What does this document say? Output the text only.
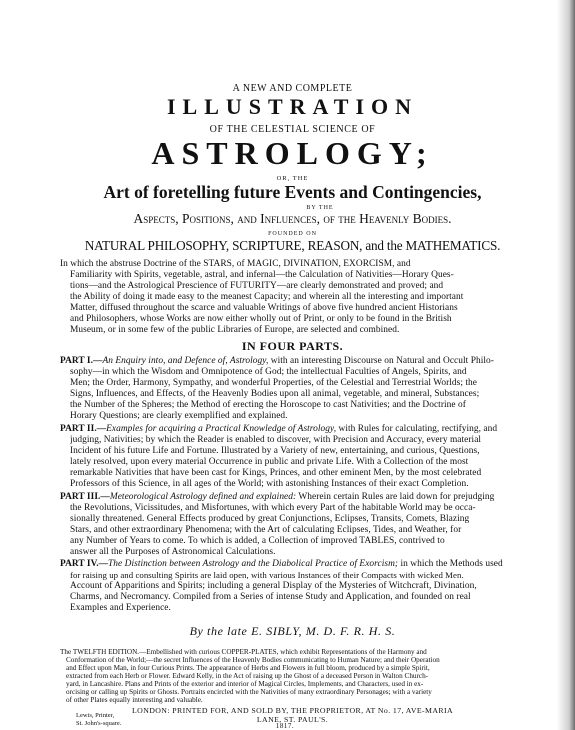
A NEW AND COMPLETE
ILLUSTRATION
OF THE CELESTIAL SCIENCE OF
ASTROLOGY;
OR, THE
Art of foretelling future Events and Contingencies,
BY THE
Aspects, Positions, and Influences, of the Heavenly Bodies.
FOUNDED ON
NATURAL PHILOSOPHY, SCRIPTURE, REASON, and the MATHEMATICS.
In which the abstruse Doctrine of the STARS, of MAGIC, DIVINATION, EXORCISM, and
Familiarity with Spirits, vegetable, astral, and infernal—the Calculation of Nativities—Horary Ques-
tions—and the Astrological Prescience of FUTURITY—are clearly demonstrated and proved; and
the Ability of doing it made easy to the meanest Capacity; and wherein all the interesting and important
Matter, diffused throughout the scarce and valuable Writings of above five hundred ancient Historians
and Philosophers, whose Works are now either wholly out of Print, or only to be found in the British
Museum, or in some few of the public Libraries of Europe, are selected and combined.
IN FOUR PARTS.
PART I.—An Enquiry into, and Defence of, Astrology, with an interesting Discourse on Natural and Occult Philo-
sophy—in which the Wisdom and Omnipotence of God; the intellectual Faculties of Angels, Spirits, and
Men; the Order, Harmony, Sympathy, and wonderful Properties, of the Celestial and Terrestrial Worlds; the
Signs, Influences, and Effects, of the Heavenly Bodies upon all animal, vegetable, and mineral, Substances;
the Number of the Spheres; the Method of erecting the Horoscope to cast Nativities; and the Doctrine of
Horary Questions; are clearly exemplified and explained.
PART II.—Examples for acquiring a Practical Knowledge of Astrology, with Rules for calculating, rectifying, and
judging, Nativities; by which the Reader is enabled to discover, with Precision and Accuracy, every material
Incident of his future Life and Fortune. Illustrated by a Variety of new, entertaining, and curious, Questions,
lately resolved, upon every material Occurrence in public and private Life. With a Collection of the most
remarkable Nativities that have been cast for Kings, Princes, and other eminent Men, by the most celebrated
Professors of this Science, in all ages of the World; with astonishing Instances of their exact Completion.
PART III.—Meteorological Astrology defined and explained: Wherein certain Rules are laid down for prejudging
the Revolutions, Vicissitudes, and Misfortunes, with which every Part of the habitable World may be occa-
sionally threatened. General Effects produced by great Conjunctions, Eclipses, Transits, Comets, Blazing
Stars, and other extraordinary Phenomena; with the Art of calculating Eclipses, Tides, and Weather, for
any Number of Years to come. To which is added, a Collection of improved TABLES, contrived to
answer all the Purposes of Astronomical Calculations.
PART IV.—The Distinction between Astrology and the Diabolical Practice of Exorcism; in which the Methods used
for raising up and consulting Spirits are laid open, with various Instances of their Compacts with wicked Men.
Account of Apparitions and Spirits; including a general Display of the Mysteries of Witchcraft, Divination,
Charms, and Necromancy. Compiled from a Series of intense Study and Application, and founded on real
Examples and Experience.
By the late E. SIBLY, M. D. F. R. H. S.
The TWELFTH EDITION.—Embellished with curious COPPER-PLATES, which exhibit Representations of the Harmony and
Conformation of the World;—the secret Influences of the Heavenly Bodies communicating to Human Nature; and their Operation
and Effect upon Man, in four Curious Prints. The appearance of Herbs and Flowers in full bloom, produced by a simple Spirit,
extracted from each Herb or Flower. Edward Kelly, in the Act of raising up the Ghost of a deceased Person in Walton Church-
yard, in Lancashire. Plans and Prints of the exterior and interior of Magical Circles, Implements, and Characters, used in ex-
orcising or calling up Spirits or Ghosts. Portraits encircled with the Nativities of many extraordinary Personages; with a variety
of other Plates equally interesting and valuable.
LONDON: PRINTED FOR, AND SOLD BY, THE PROPRIETOR, AT No. 17, AVE-MARIA
LANE, ST. PAUL'S.
1817.
Lewis, Printer,
St. John's-square.
